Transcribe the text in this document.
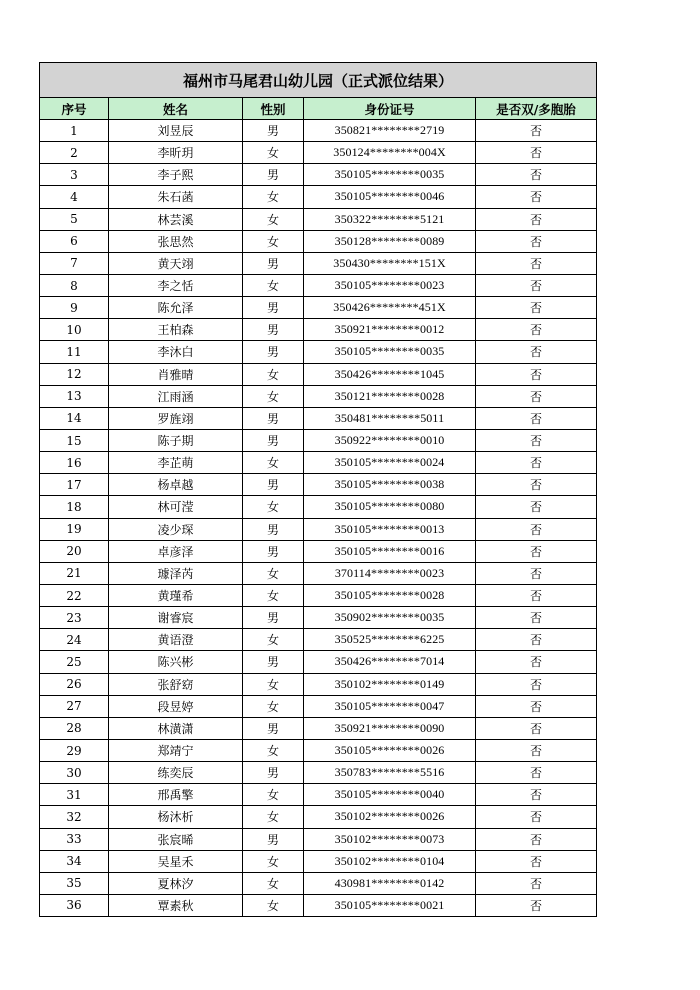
福州市马尾君山幼儿园（正式派位结果）				
序号	姓名	性别	身份证号	是否双/多胞胎
1	刘昱辰	男	350821********2719	否
2	李昕玥	女	350124********004X	否
3	李子熙	男	350105********0035	否
4	朱石菡	女	350105********0046	否
5	林芸溪	女	350322********5121	否
6	张思然	女	350128********0089	否
7	黄天翊	男	350430********151X	否
8	李之恬	女	350105********0023	否
9	陈允泽	男	350426********451X	否
10	王柏森	男	350921********0012	否
11	李沐白	男	350105********0035	否
12	肖雅晴	女	350426********1045	否
13	江雨涵	女	350121********0028	否
14	罗旌翊	男	350481********5011	否
15	陈子期	男	350922********0010	否
16	李芷萌	女	350105********0024	否
17	杨卓越	男	350105********0038	否
18	林可滢	女	350105********0080	否
19	凌少琛	男	350105********0013	否
20	卓彦泽	男	350105********0016	否
21	璩泽芮	女	370114********0023	否
22	黄瑾希	女	350105********0028	否
23	谢睿宸	男	350902********0035	否
24	黄语澄	女	350525********6225	否
25	陈兴彬	男	350426********7014	否
26	张舒窈	女	350102********0149	否
27	段昱婷	女	350105********0047	否
28	林潢潇	男	350921********0090	否
29	郑靖宁	女	350105********0026	否
30	练奕辰	男	350783********5516	否
31	邢禹擎	女	350105********0040	否
32	杨沐析	女	350102********0026	否
33	张宸晞	男	350102********0073	否
34	吴星禾	女	350102********0104	否
35	夏林汐	女	430981********0142	否
36	覃素秋	女	350105********0021	否
